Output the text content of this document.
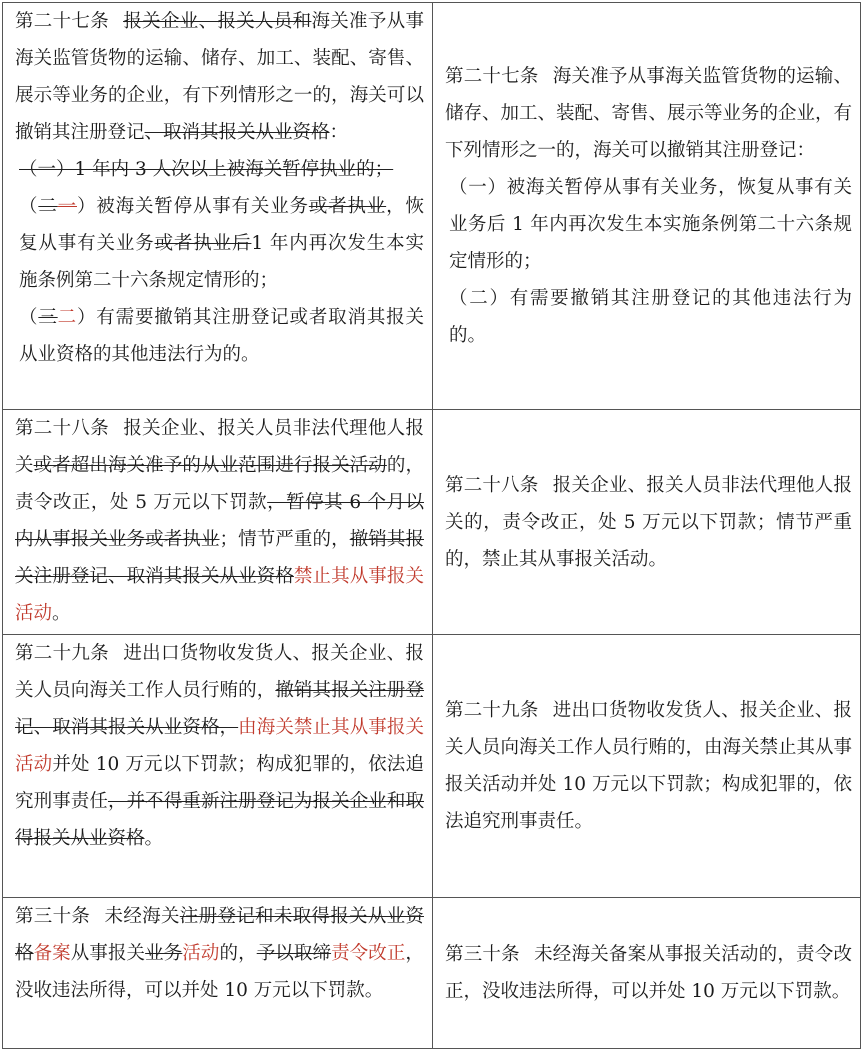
第二十七条 报关企业、报关人员和海关准予从事海关监管货物的运输、储存、加工、装配、寄售、展示等业务的企业，有下列情形之一的，海关可以撤销其注册登记、取消其报关从业资格：
（一）1 年内 3 人次以上被海关暂停执业的；
（二一）被海关暂停从事有关业务或者执业，恢复从事有关业务或者执业后1 年内再次发生本实施条例第二十六条规定情形的；
（三二）有需要撤销其注册登记或者取消其报关从业资格的其他违法行为的。	第二十七条 海关准予从事海关监管货物的运输、储存、加工、装配、寄售、展示等业务的企业，有下列情形之一的，海关可以撤销其注册登记：
（一）被海关暂停从事有关业务，恢复从事有关业务后 1 年内再次发生本实施条例第二十六条规定情形的；
（二）有需要撤销其注册登记的其他违法行为的。

第二十八条 报关企业、报关人员非法代理他人报关或者超出海关准予的从业范围进行报关活动的，责令改正，处 5 万元以下罚款，暂停其 6 个月以内从事报关业务或者执业；情节严重的，撤销其报关注册登记、取消其报关从业资格禁止其从事报关活动。	第二十八条 报关企业、报关人员非法代理他人报关的，责令改正，处 5 万元以下罚款；情节严重的，禁止其从事报关活动。

第二十九条 进出口货物收发货人、报关企业、报关人员向海关工作人员行贿的，撤销其报关注册登记、取消其报关从业资格，由海关禁止其从事报关活动并处 10 万元以下罚款；构成犯罪的，依法追究刑事责任，并不得重新注册登记为报关企业和取得报关从业资格。	第二十九条 进出口货物收发货人、报关企业、报关人员向海关工作人员行贿的，由海关禁止其从事报关活动并处 10 万元以下罚款；构成犯罪的，依法追究刑事责任。

第三十条 未经海关注册登记和未取得报关从业资格备案从事报关业务活动的，予以取缔责令改正，没收违法所得，可以并处 10 万元以下罚款。	第三十条 未经海关备案从事报关活动的，责令改正，没收违法所得，可以并处 10 万元以下罚款。
